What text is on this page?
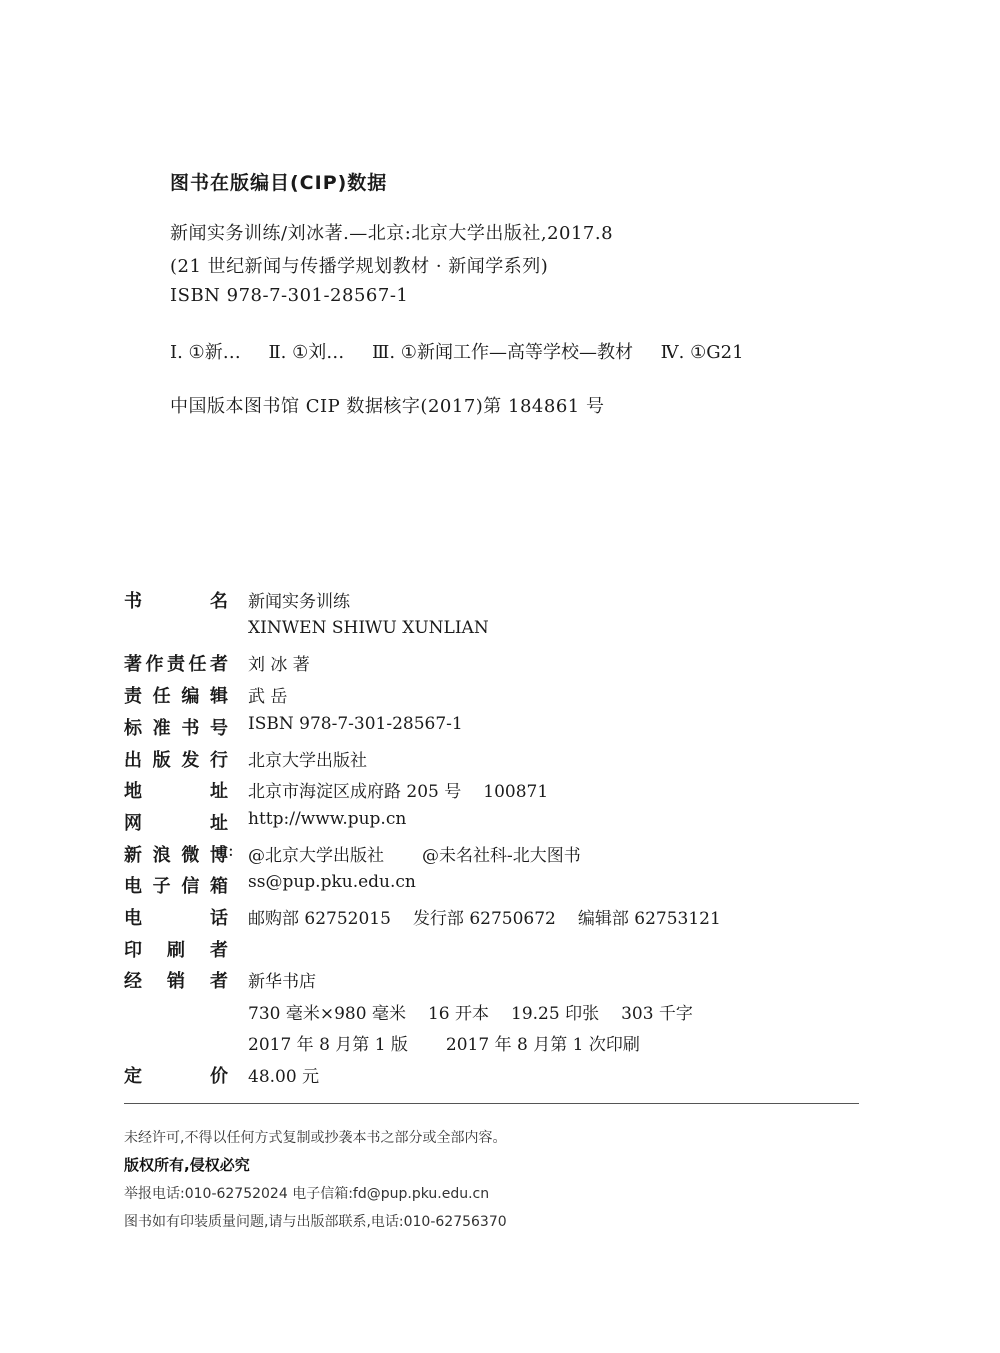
图书在版编目(CIP)数据
新闻实务训练/刘冰著.—北京:北京大学出版社,2017.8
(21 世纪新闻与传播学规划教材 · 新闻学系列)
ISBN 978-7-301-28567-1
Ⅰ. ①新… Ⅱ. ①刘… Ⅲ. ①新闻工作—高等学校—教材 Ⅳ. ①G21
中国版本图书馆 CIP 数据核字(2017)第 184861 号
书 名 新闻实务训练
XINWEN SHIWU XUNLIAN
著作责任者 刘 冰 著
责任编辑 武 岳
标准书号 ISBN 978-7-301-28567-1
出版发行 北京大学出版社
地 址 北京市海淀区成府路 205 号 100871
网 址 http://www.pup.cn
新浪微博 : @北京大学出版社 @未名社科-北大图书
电子信箱 ss@pup.pku.edu.cn
电 话 邮购部 62752015 发行部 62750672 编辑部 62753121
印刷者
经销者 新华书店
730 毫米×980 毫米 16 开本 19.25 印张 303 千字
2017 年 8 月第 1 版 2017 年 8 月第 1 次印刷
定 价 48.00 元
未经许可,不得以任何方式复制或抄袭本书之部分或全部内容。
版权所有,侵权必究
举报电话:010-62752024 电子信箱:fd@pup.pku.edu.cn
图书如有印装质量问题,请与出版部联系,电话:010-62756370
